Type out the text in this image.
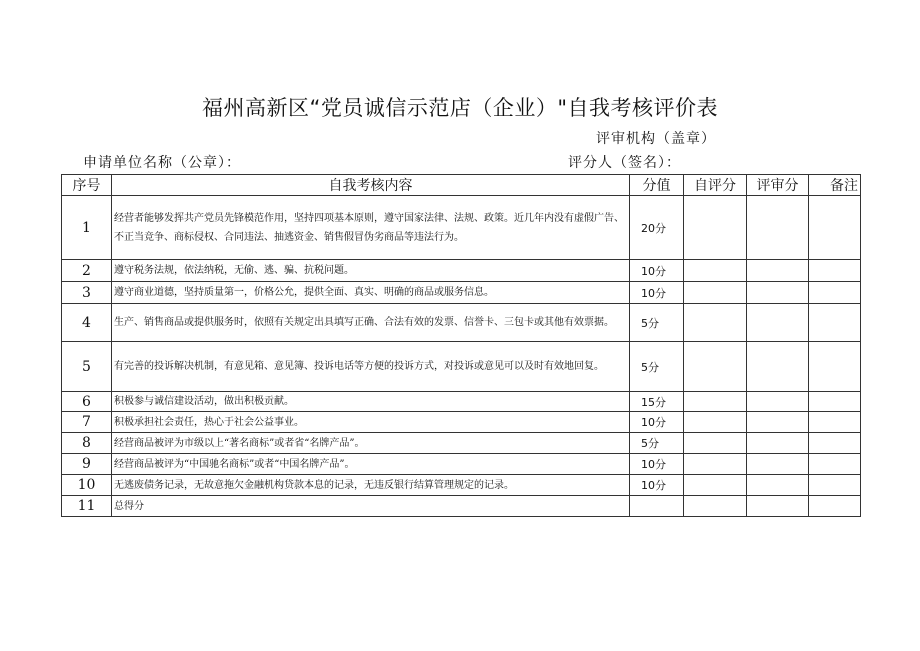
福州高新区“党员诚信示范店（企业）"自我考核评价表
评审机构（盖章）
申请单位名称（公章）：	评分人（签名）：
序号	自我考核内容	分值	自评分	评审分	备注
1	经营者能够发挥共产党员先锋模范作用，坚持四项基本原则，遵守国家法律、法规、政策。近几年内没有虚假广告、不正当竞争、商标侵权、合同违法、抽逃资金、销售假冒伪劣商品等违法行为。	20分			
2	遵守税务法规，依法纳税，无偷、逃、骗、抗税问题。	10分			
3	遵守商业道德，坚持质量第一，价格公允，提供全面、真实、明确的商品或服务信息。	10分			
4	生产、销售商品或提供服务时，依照有关规定出具填写正确、合法有效的发票、信誉卡、三包卡或其他有效票据。	5分			
5	有完善的投诉解决机制，有意见箱、意见簿、投诉电话等方便的投诉方式，对投诉或意见可以及时有效地回复。	5分			
6	积极参与诚信建设活动，做出积极贡献。	15分			
7	积极承担社会责任，热心于社会公益事业。	10分			
8	经营商品被评为市级以上“著名商标”或者省“名牌产品”。	5分			
9	经营商品被评为“中国驰名商标”或者“中国名牌产品”。	10分			
10	无逃废债务记录，无故意拖欠金融机构贷款本息的记录，无违反银行结算管理规定的记录。	10分			
11	总得分				
